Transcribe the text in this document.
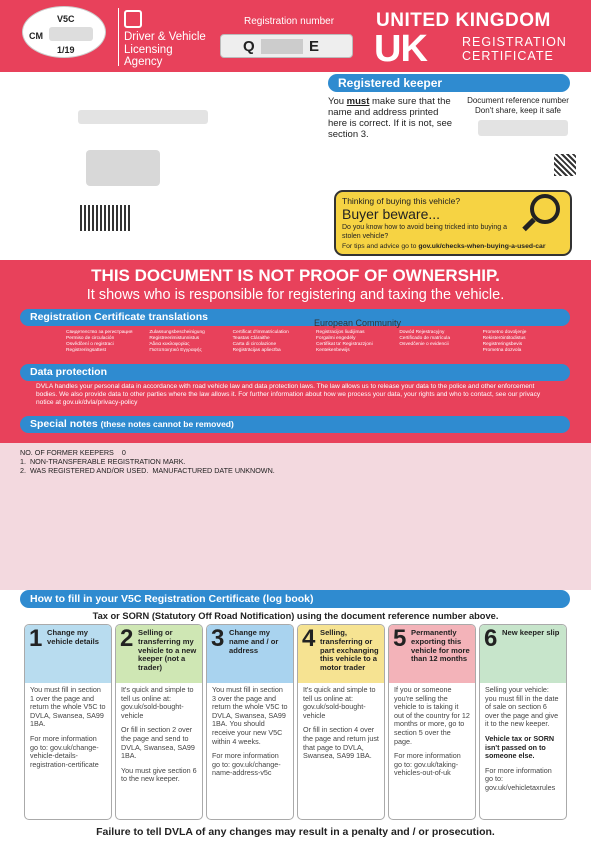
V5C
CM
1/19
Driver & Vehicle
Licensing
Agency
Registration number
Q	E
UNITED KINGDOM
UK	REGISTRATION
CERTIFICATE
Registered keeper
You must make sure that the name and address printed here is correct. If it is not, see section 3.
Document reference number
Don't share, keep it safe
Thinking of buying this vehicle?
Buyer beware...
Do you know how to avoid being tricked into buying a stolen vehicle?
For tips and advice go to gov.uk/checks-when-buying-a-used-car
THIS DOCUMENT IS NOT PROOF OF OWNERSHIP.
It shows who is responsible for registering and taxing the vehicle.
Registration Certificate translations	European Community
Свидетелство за регистрация	Zulassungsbescheinigung	Certificat d'immatriculation	Registracijos liudijimas	Dowód Rejestracyjny	Prometno dovoljenje
Permiso de circulación	Registreerimistunnistus	Teastas Cláraithe	Forgalmi engedély	Certificado de matrícula	Rekisteröintitodistus
Osvědčení o registraci	Άδεια κυκλοφορίας	Carta di circolazione	Certifikat ta' Registrazzjoni	Osvedčenie o evidencii	Registreringsbevis
Registreringsattest	Πιστοποιητικό Εγγραφής	Reģistrācijas apliecība	Kentekenbewijs	Prometna dozvola
Data protection
DVLA handles your personal data in accordance with road vehicle law and data protection laws. The law allows us to release your data to the police and other enforcement bodies. We also provide data to other parties where the law allows it. For further information about how we process your data, your rights and who to contact, see our privacy notice at gov.uk/dvla/privacy-policy
Special notes (these notes cannot be removed)
NO. OF FORMER KEEPERS    0
1.  NON-TRANSFERABLE REGISTRATION MARK.
2.  WAS REGISTERED AND/OR USED.  MANUFACTURED DATE UNKNOWN.
How to fill in your V5C Registration Certificate (log book)
Tax or SORN (Statutory Off Road Notification) using the document reference number above.
1 Change my vehicle details

You must fill in section 1 over the page and return the whole V5C to DVLA, Swansea, SA99 1BA.

For more information go to: gov.uk/change-vehicle-details-registration-certificate

2 Selling or transferring my vehicle to a new keeper (not a trader)

It's quick and simple to tell us online at: gov.uk/sold-bought-vehicle

Or fill in section 2 over the page and send to DVLA, Swansea, SA99 1BA.

You must give section 6 to the new keeper.

3 Change my name and / or address

You must fill in section 3 over the page and return the whole V5C to DVLA, Swansea, SA99 1BA. You should receive your new V5C within 4 weeks.

For more information go to: gov.uk/change-name-address-v5c

4 Selling, transferring or part exchanging this vehicle to a motor trader

It's quick and simple to tell us online at: gov.uk/sold-bought-vehicle

Or fill in section 4 over the page and return just that page to DVLA, Swansea, SA99 1BA.

5 Permanently exporting this vehicle for more than 12 months

If you or someone you're selling the vehicle to is taking it out of the country for 12 months or more, go to section 5 over the page.

For more information go to: gov.uk/taking-vehicles-out-of-uk

6 New keeper slip

Selling your vehicle: you must fill in the date of sale on section 6 over the page and give it to the new keeper.

Vehicle tax or SORN isn't passed on to someone else.

For more information go to: gov.uk/vehicletaxrules

Failure to tell DVLA of any changes may result in a penalty and / or prosecution.
